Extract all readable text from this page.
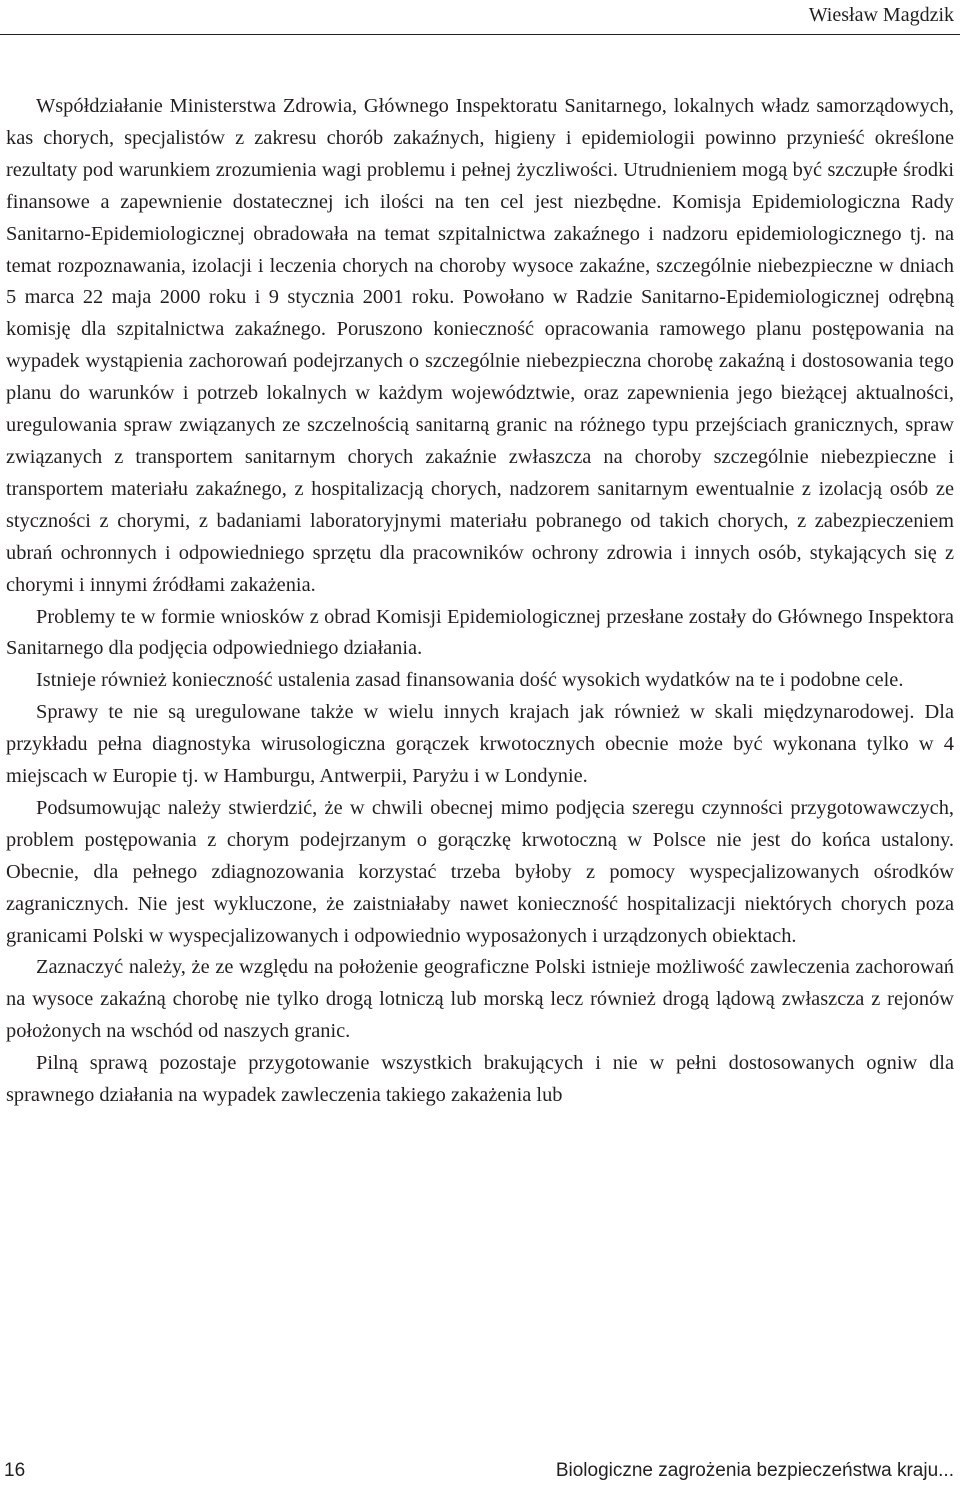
Wiesław Magdzik

Współdziałanie Ministerstwa Zdrowia, Głównego Inspektoratu Sanitarnego, lokalnych władz samorządowych, kas chorych, specjalistów z zakresu chorób zakaźnych, higieny i epidemiologii powinno przynieść określone rezultaty pod warunkiem zrozumienia wagi problemu i pełnej życzliwości. Utrudnieniem mogą być szczupłe środki finansowe a zapewnienie dostatecznej ich ilości na ten cel jest niezbędne. Komisja Epidemiologiczna Rady Sanitarno-Epidemiologicznej obradowała na temat szpitalnictwa zakaźnego i nadzoru epidemiologicznego tj. na temat rozpoznawania, izolacji i leczenia chorych na choroby wysoce zakaźne, szczególnie niebezpieczne w dniach 5 marca 22 maja 2000 roku i 9 stycznia 2001 roku. Powołano w Radzie Sanitarno-Epidemiologicznej odrębną komisję dla szpitalnictwa zakaźnego. Poruszono konieczność opracowania ramowego planu postępowania na wypadek wystąpienia zachorowań podejrzanych o szczególnie niebezpieczna chorobę zakaźną i dostosowania tego planu do warunków i potrzeb lokalnych w każdym województwie, oraz zapewnienia jego bieżącej aktualności, uregulowania spraw związanych ze szczelnością sanitarną granic na różnego typu przejściach granicznych, spraw związanych z transportem sanitarnym chorych zakaźnie zwłaszcza na choroby szczególnie niebezpieczne i transportem materiału zakaźnego, z hospitalizacją chorych, nadzorem sanitarnym ewentualnie z izolacją osób ze styczności z chorymi, z badaniami laboratoryjnymi materiału pobranego od takich chorych, z zabezpieczeniem ubrań ochronnych i odpowiedniego sprzętu dla pracowników ochrony zdrowia i innych osób, stykających się z chorymi i innymi źródłami zakażenia.

Problemy te w formie wniosków z obrad Komisji Epidemiologicznej przesłane zostały do Głównego Inspektora Sanitarnego dla podjęcia odpowiedniego działania.

Istnieje również konieczność ustalenia zasad finansowania dość wysokich wydatków na te i podobne cele.

Sprawy te nie są uregulowane także w wielu innych krajach jak również w skali międzynarodowej. Dla przykładu pełna diagnostyka wirusologiczna gorączek krwotocznych obecnie może być wykonana tylko w 4 miejscach w Europie tj. w Hamburgu, Antwerpii, Paryżu i w Londynie.

Podsumowując należy stwierdzić, że w chwili obecnej mimo podjęcia szeregu czynności przygotowawczych, problem postępowania z chorym podejrzanym o gorączkę krwotoczną w Polsce nie jest do końca ustalony. Obecnie, dla pełnego zdiagnozowania korzystać trzeba byłoby z pomocy wyspecjalizowanych ośrodków zagranicznych. Nie jest wykluczone, że zaistniałaby nawet konieczność hospitalizacji niektórych chorych poza granicami Polski w wyspecjalizowanych i odpowiednio wyposażonych i urządzonych obiektach.

Zaznaczyć należy, że ze względu na położenie geograficzne Polski istnieje możliwość zawleczenia zachorowań na wysoce zakaźną chorobę nie tylko drogą lotniczą lub morską lecz również drogą lądową zwłaszcza z rejonów położonych na wschód od naszych granic.

Pilną sprawą pozostaje przygotowanie wszystkich brakujących i nie w pełni dostosowanych ogniw dla sprawnego działania na wypadek zawleczenia takiego zakażenia lub

16	Biologiczne zagrożenia bezpieczeństwa kraju...
